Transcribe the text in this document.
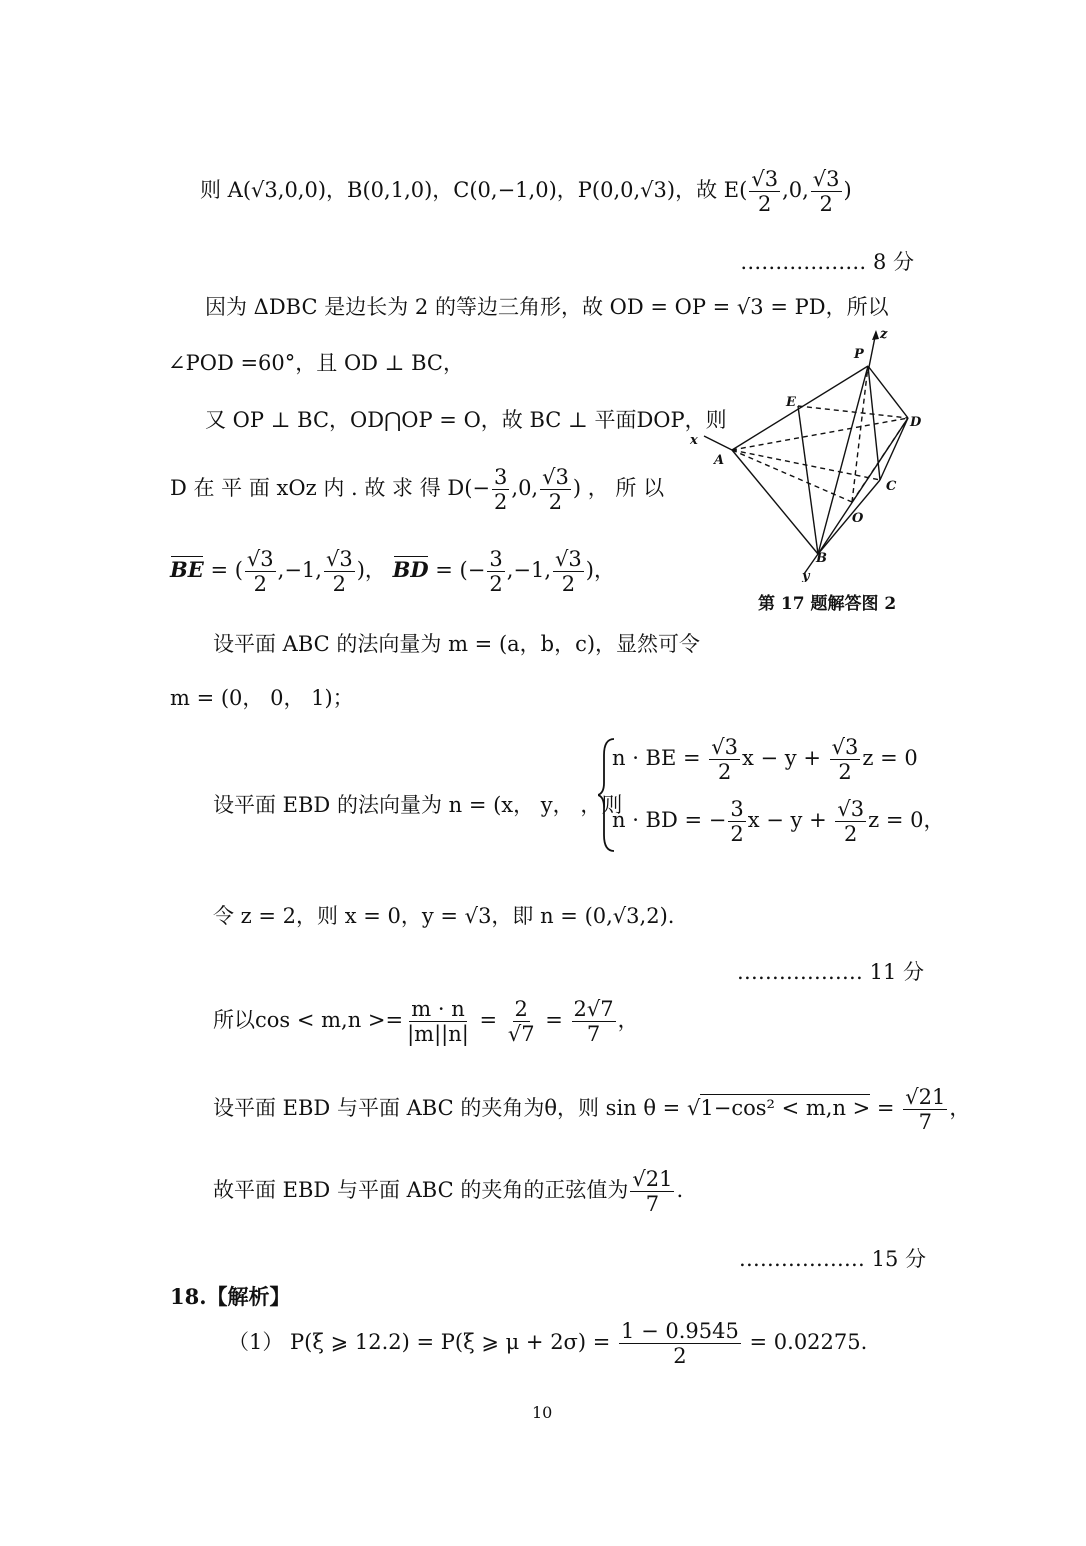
则 A(√3,0,0)，B(0,1,0)，C(0,−1,0)，P(0,0,√3)，故 $E( \frac{√3}{2} ,0$, $\frac{√3}{2}$ )
……………… 8 分
因为 ΔDBC 是边长为 2 的等边三角形，故 OD = OP = √3 = PD，所以
∠POD =60°，且 OD ⊥ BC，
又 OP ⊥ BC，OD⋂OP = O，故 BC ⊥ 平面DOP，则
D 在 平 面 xOz 内 . 故 求 得 $D(- \frac{3}{2} ,0$, $\frac{√3}{2}$ ) ， 所 以
BE = ( $\frac{√3}{2} ,-1$, $\frac{√3}{2}$ )， BD = (− $\frac{3}{2} ,-1$, $\frac{√3}{2}$ )，
设平面 ABC 的法向量为 m = (a，b，c)，显然可令
m = (0， 0， 1)；
设平面 EBD 的法向量为 n = (x， y， ，则
n · BE = $\frac{√3}{2}$ $x - y + \frac{√3}{2}$ z = 0
n · BD = − $\frac{3}{2}$ $x - y + \frac{√3}{2}$ z = 0，
令 z = 2，则 x = 0，y = √3，即 n = (0,√3,2).
……………… 11 分
所以$\cos < m,n >= \frac{m \cdot n}{|m||n|} = \frac{2}{√7} = \frac{2√7}{7}$ ，
设平面 EBD 与平面 ABC 的夹角为θ，则 sin θ = √1−cos² < m,n > = $\frac{√21}{7}$ ，
故平面 EBD 与平面 ABC 的夹角的正弦值为 $\frac{√21}{7}$ .
……………… 15 分
18.【解析】
（1） P(ξ ⩾ 12.2) = P(ξ ⩾ $\mu + 2\sigma) = \frac{1 - 0.9545}{2} = 0.02275$.
10
P
z
E
D
x
A
C
O
B
y
第 17 题解答图 2
